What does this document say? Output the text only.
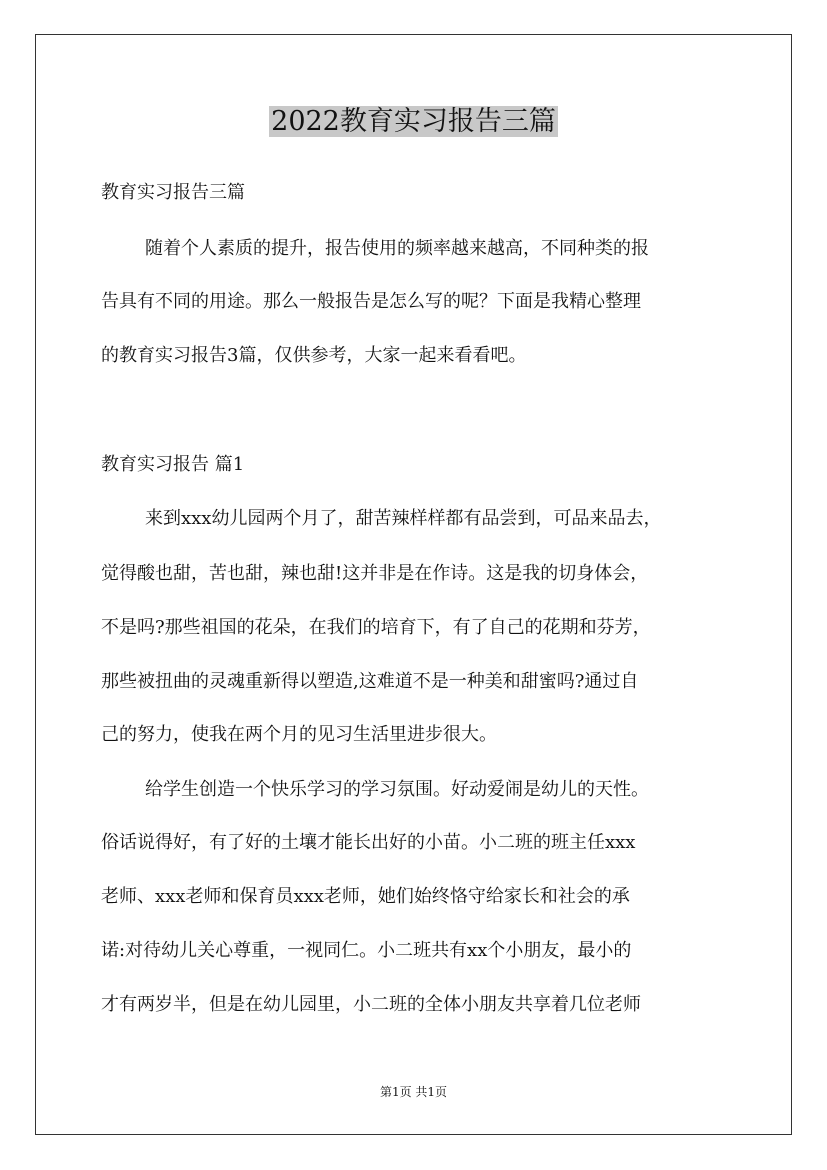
2022教育实习报告三篇
教育实习报告三篇
随着个人素质的提升，报告使用的频率越来越高，不同种类的报
告具有不同的用途。那么一般报告是怎么写的呢？下面是我精心整理
的教育实习报告3篇，仅供参考，大家一起来看看吧。
教育实习报告 篇1
来到xxx幼儿园两个月了，甜苦辣样样都有品尝到，可品来品去，
觉得酸也甜，苦也甜，辣也甜!这并非是在作诗。这是我的切身体会，
不是吗?那些祖国的花朵，在我们的培育下，有了自己的花期和芬芳，
那些被扭曲的灵魂重新得以塑造,这难道不是一种美和甜蜜吗?通过自
己的努力，使我在两个月的见习生活里进步很大。
给学生创造一个快乐学习的学习氛围。好动爱闹是幼儿的天性。
俗话说得好，有了好的土壤才能长出好的小苗。小二班的班主任xxx
老师、xxx老师和保育员xxx老师，她们始终恪守给家长和社会的承
诺:对待幼儿关心尊重，一视同仁。小二班共有xx个小朋友，最小的
才有两岁半，但是在幼儿园里，小二班的全体小朋友共享着几位老师
第1页 共1页
